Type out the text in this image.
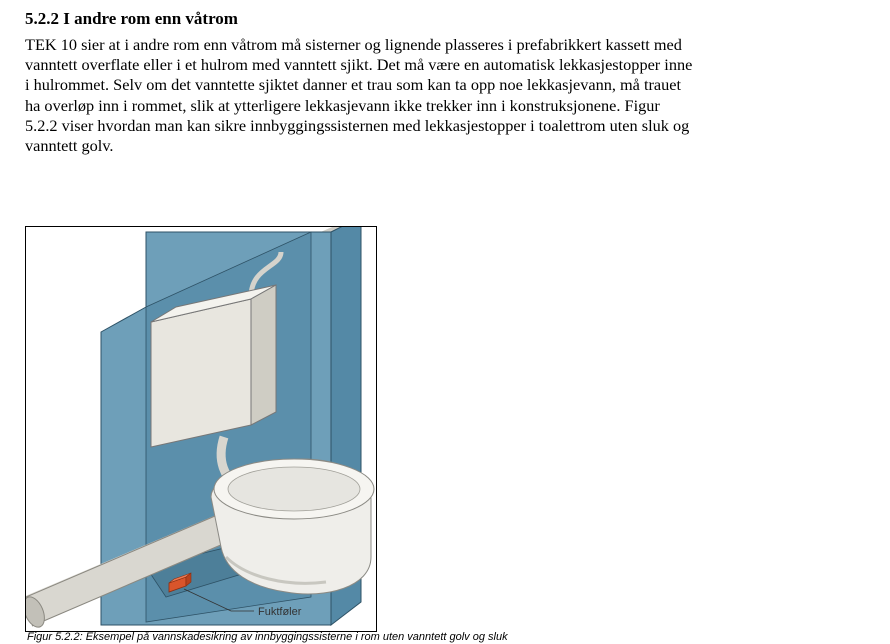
5.2.2 I andre rom enn våtrom

TEK 10 sier at i andre rom enn våtrom må sisterner og lignende plasseres i prefabrikkert kassett med
vanntett overflate eller i et hulrom med vanntett sjikt. Det må være en automatisk lekkasjestopper inne
i hulrommet. Selv om det vanntette sjiktet danner et trau som kan ta opp noe lekkasjevann, må trauet
ha overløp inn i rommet, slik at ytterligere lekkasjevann ikke trekker inn i konstruksjonene. Figur
5.2.2 viser hvordan man kan sikre innbyggingssisternen med lekkasjestopper i toalettrom uten sluk og
vanntett golv.

Fuktføler
Figur 5.2.2: Eksempel på vannskadesikring av innbyggingssisterne i rom uten vanntett golv og sluk
